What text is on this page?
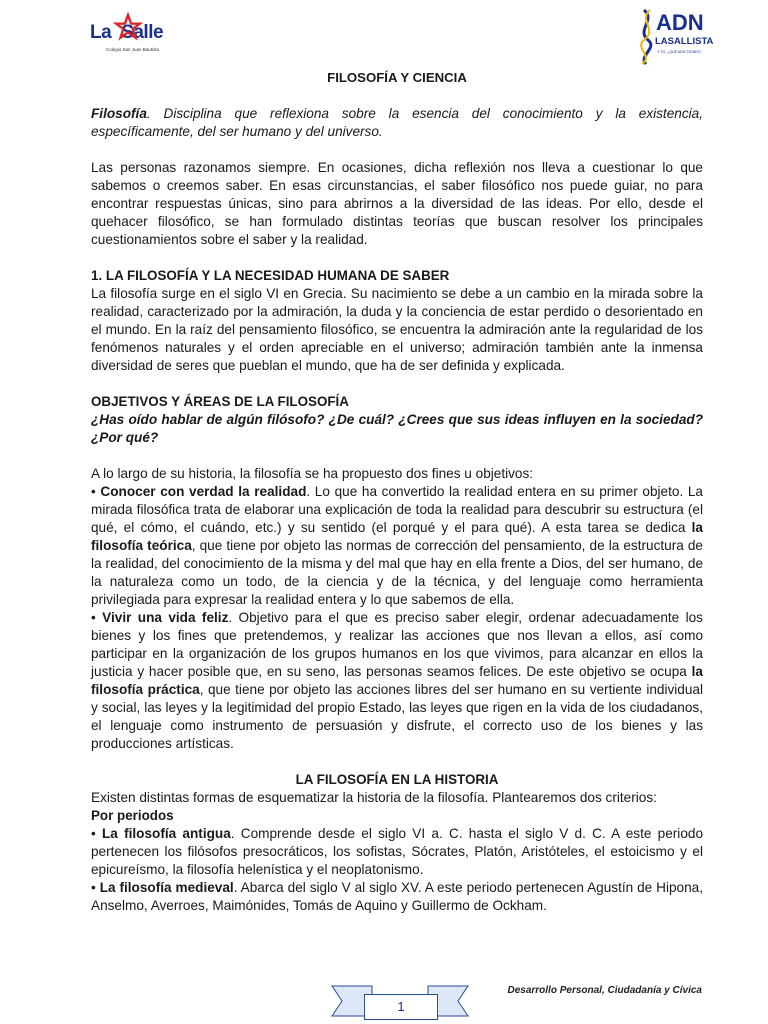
La Salle
Colegio San Juan Bautista
ADN
LASALLISTA
Y TÚ, ¿QUÉ ADN TIENES?

FILOSOFÍA Y CIENCIA

Filosofía. Disciplina que reflexiona sobre la esencia del conocimiento y la existencia, específicamente, del ser humano y del universo.

Las personas razonamos siempre. En ocasiones, dicha reflexión nos lleva a cuestionar lo que sabemos o creemos saber. En esas circunstancias, el saber filosófico nos puede guiar, no para encontrar respuestas únicas, sino para abrirnos a la diversidad de las ideas. Por ello, desde el quehacer filosófico, se han formulado distintas teorías que buscan resolver los principales cuestionamientos sobre el saber y la realidad.

1. LA FILOSOFÍA Y LA NECESIDAD HUMANA DE SABER

La filosofía surge en el siglo VI en Grecia. Su nacimiento se debe a un cambio en la mirada sobre la realidad, caracterizado por la admiración, la duda y la conciencia de estar perdido o desorientado en el mundo. En la raíz del pensamiento filosófico, se encuentra la admiración ante la regularidad de los fenómenos naturales y el orden apreciable en el universo; admiración también ante la inmensa diversidad de seres que pueblan el mundo, que ha de ser definida y explicada.

OBJETIVOS Y ÁREAS DE LA FILOSOFÍA

¿Has oído hablar de algún filósofo? ¿De cuál? ¿Crees que sus ideas influyen en la sociedad? ¿Por qué?

A lo largo de su historia, la filosofía se ha propuesto dos fines u objetivos:

• Conocer con verdad la realidad. Lo que ha convertido la realidad entera en su primer objeto. La mirada filosófica trata de elaborar una explicación de toda la realidad para descubrir su estructura (el qué, el cómo, el cuándo, etc.) y su sentido (el porqué y el para qué). A esta tarea se dedica la filosofía teórica, que tiene por objeto las normas de corrección del pensamiento, de la estructura de la realidad, del conocimiento de la misma y del mal que hay en ella frente a Dios, del ser humano, de la naturaleza como un todo, de la ciencia y de la técnica, y del lenguaje como herramienta privilegiada para expresar la realidad entera y lo que sabemos de ella.

• Vivir una vida feliz. Objetivo para el que es preciso saber elegir, ordenar adecuadamente los bienes y los fines que pretendemos, y realizar las acciones que nos llevan a ellos, así como participar en la organización de los grupos humanos en los que vivimos, para alcanzar en ellos la justicia y hacer posible que, en su seno, las personas seamos felices. De este objetivo se ocupa la filosofía práctica, que tiene por objeto las acciones libres del ser humano en su vertiente individual y social, las leyes y la legitimidad del propio Estado, las leyes que rigen en la vida de los ciudadanos, el lenguaje como instrumento de persuasión y disfrute, el correcto uso de los bienes y las producciones artísticas.

LA FILOSOFÍA EN LA HISTORIA

Existen distintas formas de esquematizar la historia de la filosofía. Plantearemos dos criterios:

Por periodos

• La filosofía antigua. Comprende desde el siglo VI a. C. hasta el siglo V d. C. A este periodo pertenecen los filósofos presocráticos, los sofistas, Sócrates, Platón, Aristóteles, el estoicismo y el epicureísmo, la filosofía helenística y el neoplatonismo.

• La filosofía medieval. Abarca del siglo V al siglo XV. A este periodo pertenecen Agustín de Hipona, Anselmo, Averroes, Maimónides, Tomás de Aquino y Guillermo de Ockham.

1
Desarrollo Personal, Ciudadanía y Cívica
